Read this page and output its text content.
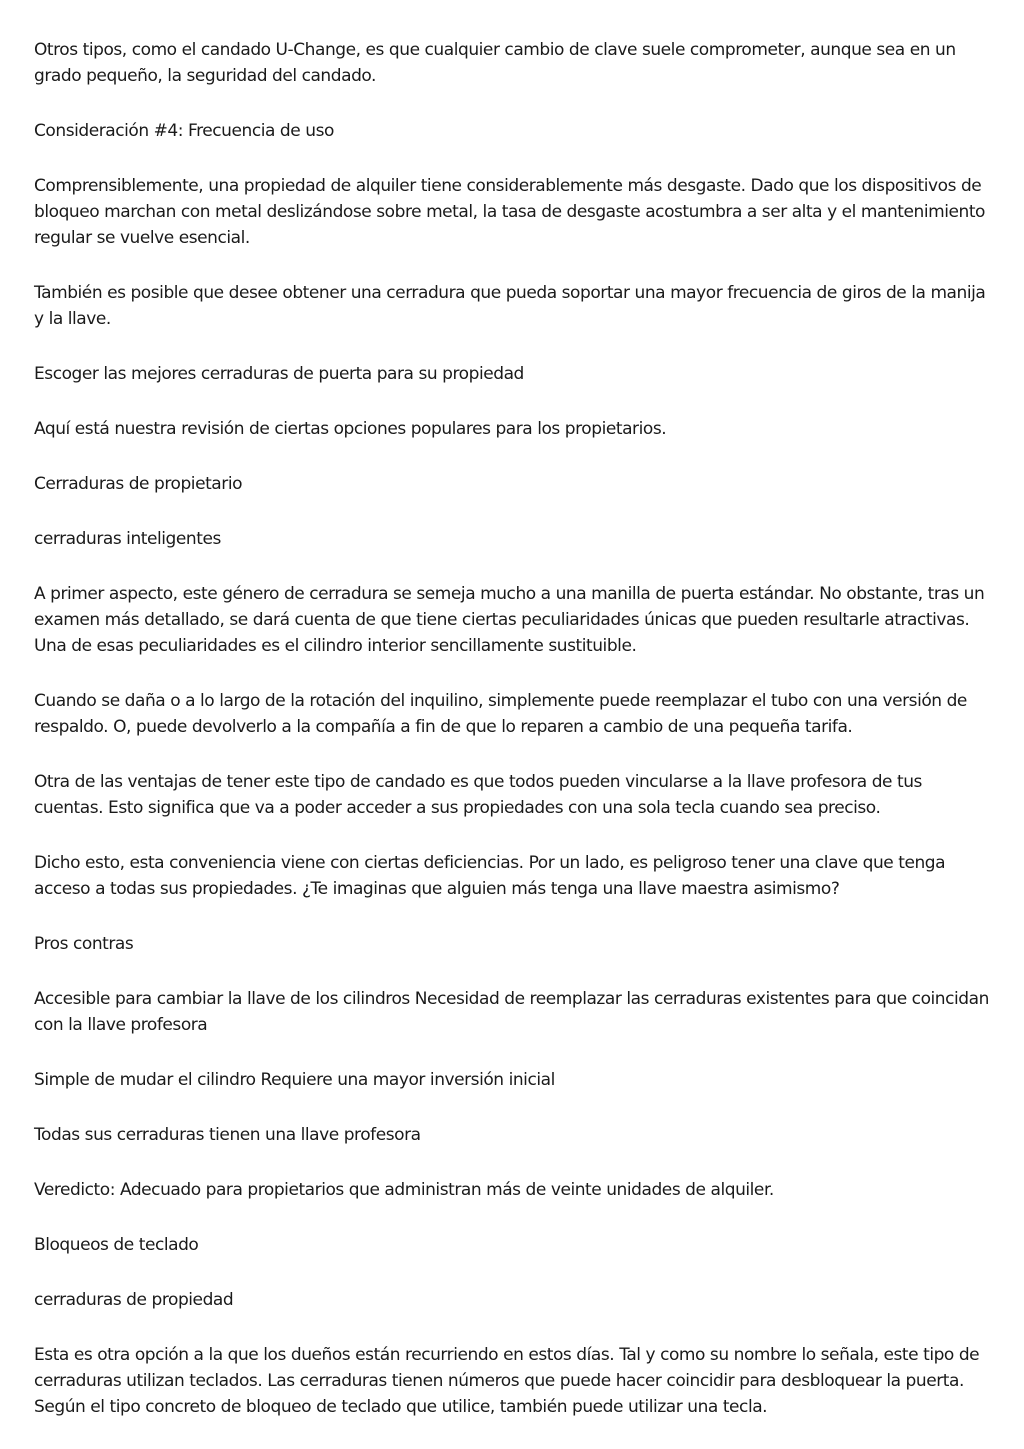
Otros tipos, como el candado U-Change, es que cualquier cambio de clave suele comprometer, aunque sea en un grado pequeño, la seguridad del candado.

Consideración #4: Frecuencia de uso

Comprensiblemente, una propiedad de alquiler tiene considerablemente más desgaste. Dado que los dispositivos de bloqueo marchan con metal deslizándose sobre metal, la tasa de desgaste acostumbra a ser alta y el mantenimiento regular se vuelve esencial.

También es posible que desee obtener una cerradura que pueda soportar una mayor frecuencia de giros de la manija y la llave.

Escoger las mejores cerraduras de puerta para su propiedad

Aquí está nuestra revisión de ciertas opciones populares para los propietarios.

Cerraduras de propietario

cerraduras inteligentes

A primer aspecto, este género de cerradura se semeja mucho a una manilla de puerta estándar. No obstante, tras un examen más detallado, se dará cuenta de que tiene ciertas peculiaridades únicas que pueden resultarle atractivas. Una de esas peculiaridades es el cilindro interior sencillamente sustituible.

Cuando se daña o a lo largo de la rotación del inquilino, simplemente puede reemplazar el tubo con una versión de respaldo. O, puede devolverlo a la compañía a fin de que lo reparen a cambio de una pequeña tarifa.

Otra de las ventajas de tener este tipo de candado es que todos pueden vincularse a la llave profesora de tus cuentas. Esto significa que va a poder acceder a sus propiedades con una sola tecla cuando sea preciso.

Dicho esto, esta conveniencia viene con ciertas deficiencias. Por un lado, es peligroso tener una clave que tenga acceso a todas sus propiedades. ¿Te imaginas que alguien más tenga una llave maestra asimismo?

Pros contras

Accesible para cambiar la llave de los cilindros Necesidad de reemplazar las cerraduras existentes para que coincidan con la llave profesora

Simple de mudar el cilindro Requiere una mayor inversión inicial

Todas sus cerraduras tienen una llave profesora

Veredicto: Adecuado para propietarios que administran más de veinte unidades de alquiler.

Bloqueos de teclado

cerraduras de propiedad

Esta es otra opción a la que los dueños están recurriendo en estos días. Tal y como su nombre lo señala, este tipo de cerraduras utilizan teclados. Las cerraduras tienen números que puede hacer coincidir para desbloquear la puerta. Según el tipo concreto de bloqueo de teclado que utilice, también puede utilizar una tecla.
